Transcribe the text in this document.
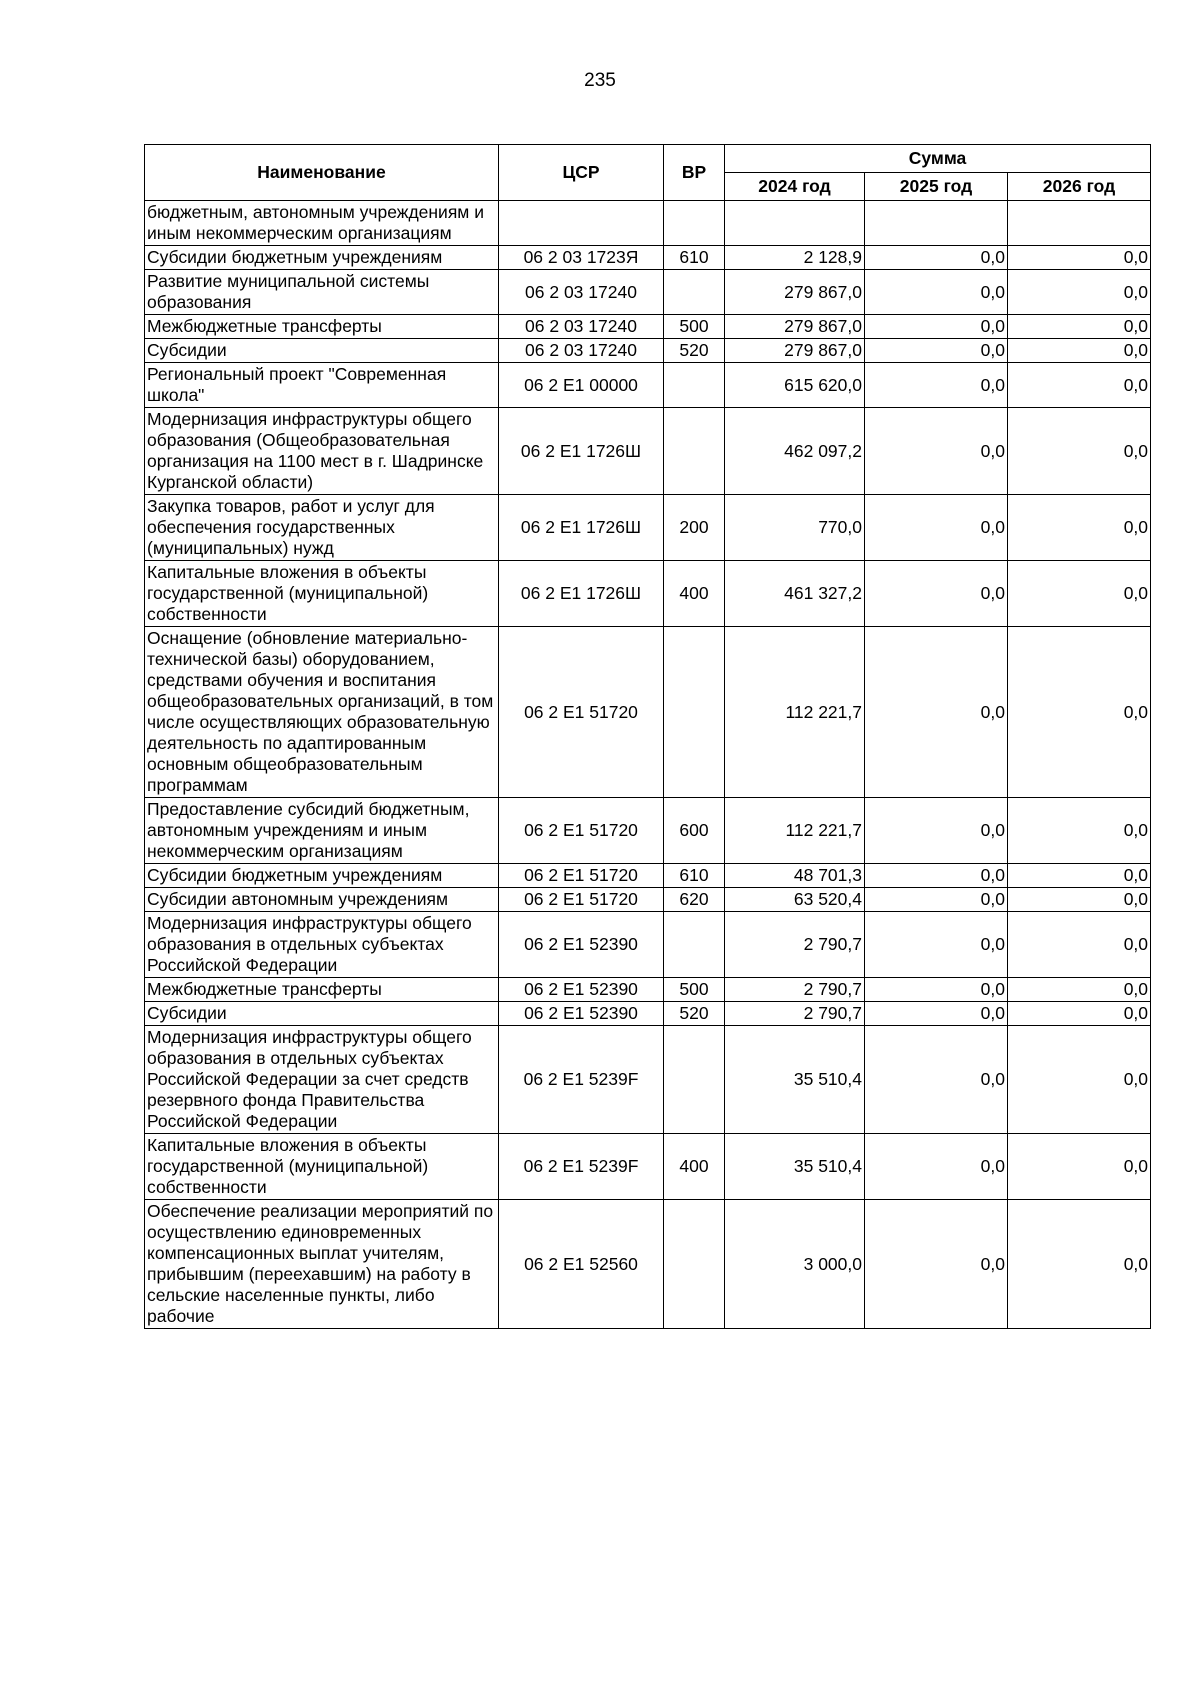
235
Наименование	ЦСР	ВР	Сумма		
			2024 год	2025 год	2026 год
бюджетным, автономным учреждениям и иным некоммерческим организациям					
Субсидии бюджетным учреждениям	06 2 03 1723Я	610	2 128,9	0,0	0,0
Развитие муниципальной системы образования	06 2 03 17240		279 867,0	0,0	0,0
Межбюджетные трансферты	06 2 03 17240	500	279 867,0	0,0	0,0
Субсидии	06 2 03 17240	520	279 867,0	0,0	0,0
Региональный проект "Современная школа"	06 2 E1 00000		615 620,0	0,0	0,0
Модернизация инфраструктуры общего образования (Общеобразовательная организация на 1100 мест в г. Шадринске Курганской области)	06 2 E1 1726Ш		462 097,2	0,0	0,0
Закупка товаров, работ и услуг для обеспечения государственных (муниципальных) нужд	06 2 E1 1726Ш	200	770,0	0,0	0,0
Капитальные вложения в объекты государственной (муниципальной) собственности	06 2 E1 1726Ш	400	461 327,2	0,0	0,0
Оснащение (обновление материально-технической базы) оборудованием, средствами обучения и воспитания общеобразовательных организаций, в том числе осуществляющих образовательную деятельность по адаптированным основным общеобразовательным программам	06 2 E1 51720		112 221,7	0,0	0,0
Предоставление субсидий бюджетным, автономным учреждениям и иным некоммерческим организациям	06 2 E1 51720	600	112 221,7	0,0	0,0
Субсидии бюджетным учреждениям	06 2 E1 51720	610	48 701,3	0,0	0,0
Субсидии автономным учреждениям	06 2 E1 51720	620	63 520,4	0,0	0,0
Модернизация инфраструктуры общего образования в отдельных субъектах Российской Федерации	06 2 E1 52390		2 790,7	0,0	0,0
Межбюджетные трансферты	06 2 E1 52390	500	2 790,7	0,0	0,0
Субсидии	06 2 E1 52390	520	2 790,7	0,0	0,0
Модернизация инфраструктуры общего образования в отдельных субъектах Российской Федерации за счет средств резервного фонда Правительства Российской Федерации	06 2 E1 5239F		35 510,4	0,0	0,0
Капитальные вложения в объекты государственной (муниципальной) собственности	06 2 E1 5239F	400	35 510,4	0,0	0,0
Обеспечение реализации мероприятий по осуществлению единовременных компенсационных выплат учителям, прибывшим (переехавшим) на работу в сельские населенные пункты, либо рабочие	06 2 E1 52560		3 000,0	0,0	0,0
